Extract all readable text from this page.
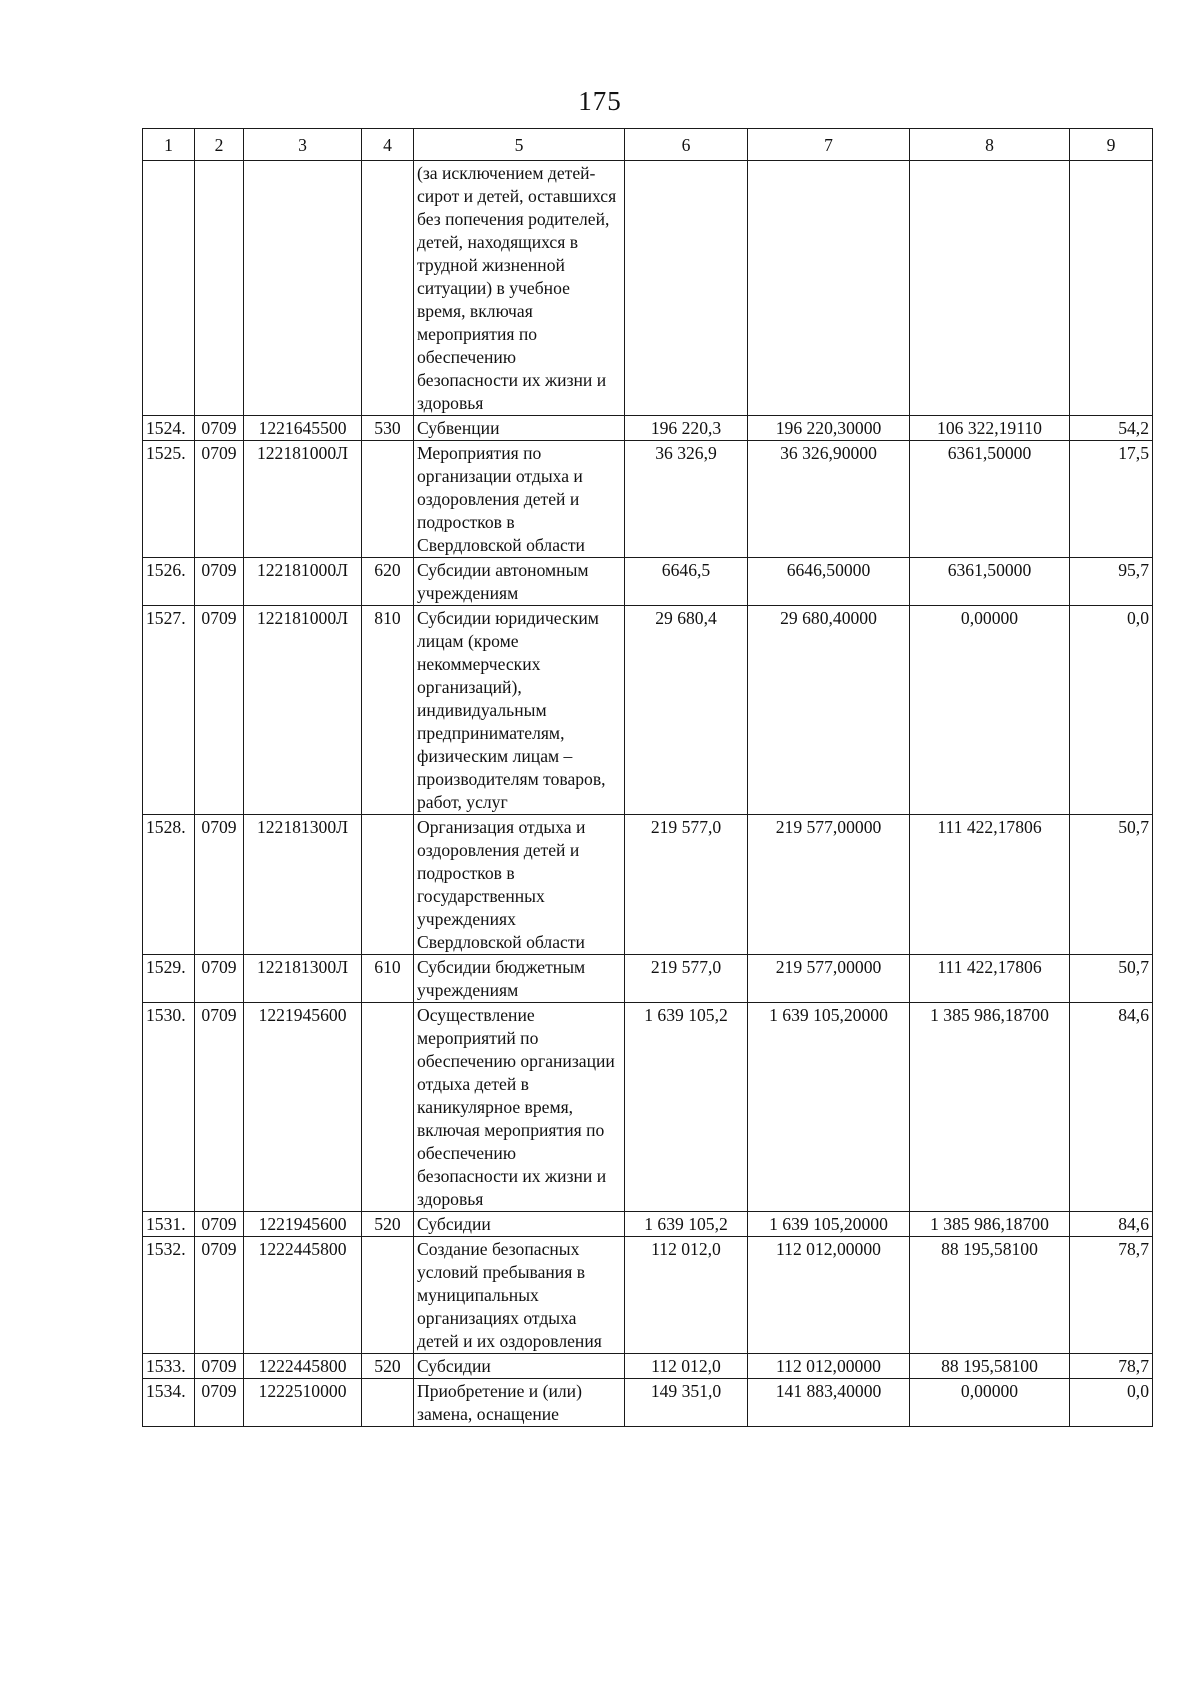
175
1	2	3	4	5	6	7	8	9
				(за исключением детей-сирот и детей, оставшихся без попечения родителей, детей, находящихся в трудной жизненной ситуации) в учебное время, включая мероприятия по обеспечению безопасности их жизни и здоровья				
1524.	0709	1221645500	530	Субвенции	196 220,3	196 220,30000	106 322,19110	54,2
1525.	0709	122181000Л		Мероприятия по организации отдыха и оздоровления детей и подростков в Свердловской области	36 326,9	36 326,90000	6361,50000	17,5
1526.	0709	122181000Л	620	Субсидии автономным учреждениям	6646,5	6646,50000	6361,50000	95,7
1527.	0709	122181000Л	810	Субсидии юридическим лицам (кроме некоммерческих организаций), индивидуальным предпринимателям, физическим лицам – производителям товаров, работ, услуг	29 680,4	29 680,40000	0,00000	0,0
1528.	0709	122181300Л		Организация отдыха и оздоровления детей и подростков в государственных учреждениях Свердловской области	219 577,0	219 577,00000	111 422,17806	50,7
1529.	0709	122181300Л	610	Субсидии бюджетным учреждениям	219 577,0	219 577,00000	111 422,17806	50,7
1530.	0709	1221945600		Осуществление мероприятий по обеспечению организации отдыха детей в каникулярное время, включая мероприятия по обеспечению безопасности их жизни и здоровья	1 639 105,2	1 639 105,20000	1 385 986,18700	84,6
1531.	0709	1221945600	520	Субсидии	1 639 105,2	1 639 105,20000	1 385 986,18700	84,6
1532.	0709	1222445800		Создание безопасных условий пребывания в муниципальных организациях отдыха детей и их оздоровления	112 012,0	112 012,00000	88 195,58100	78,7
1533.	0709	1222445800	520	Субсидии	112 012,0	112 012,00000	88 195,58100	78,7
1534.	0709	1222510000		Приобретение и (или) замена, оснащение	149 351,0	141 883,40000	0,00000	0,0
